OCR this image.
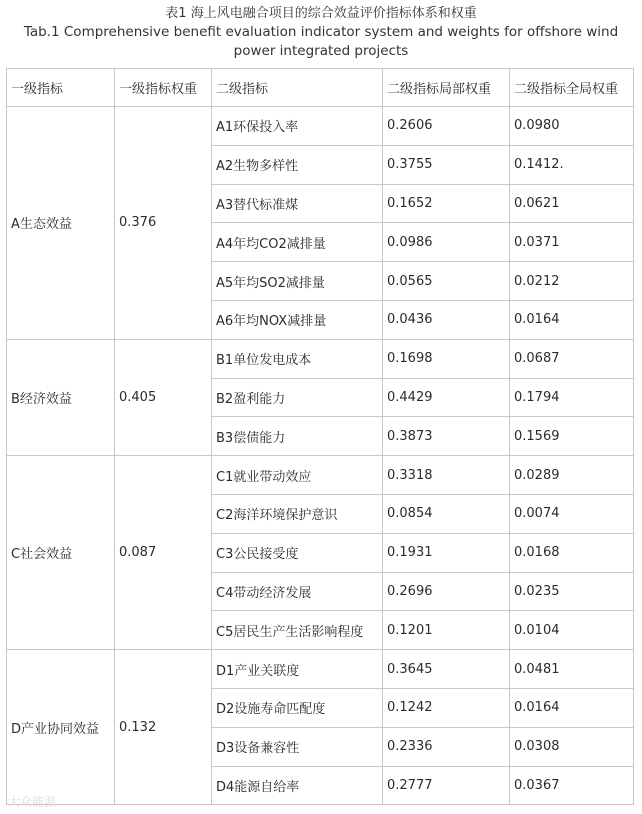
表1 海上风电融合项目的综合效益评价指标体系和权重
Tab.1 Comprehensive benefit evaluation indicator system and weights for offshore wind power integrated projects
一级指标	一级指标权重	二级指标	二级指标局部权重	二级指标全局权重
A生态效益	0.376	A1环保投入率	0.2606	0.0980
		A2生物多样性	0.3755	0.1412.
		A3替代标准煤	0.1652	0.0621
		A4年均CO2减排量	0.0986	0.0371
		A5年均SO2减排量	0.0565	0.0212
		A6年均NOX减排量	0.0436	0.0164
B经济效益	0.405	B1单位发电成本	0.1698	0.0687
		B2盈利能力	0.4429	0.1794
		B3偿债能力	0.3873	0.1569
C社会效益	0.087	C1就业带动效应	0.3318	0.0289
		C2海洋环境保护意识	0.0854	0.0074
		C3公民接受度	0.1931	0.0168
		C4带动经济发展	0.2696	0.0235
		C5居民生产生活影响程度	0.1201	0.0104
D产业协同效益	0.132	D1产业关联度	0.3645	0.0481
		D2设施寿命匹配度	0.1242	0.0164
		D3设备兼容性	0.2336	0.0308
		D4能源自给率	0.2777	0.0367
大众能源
